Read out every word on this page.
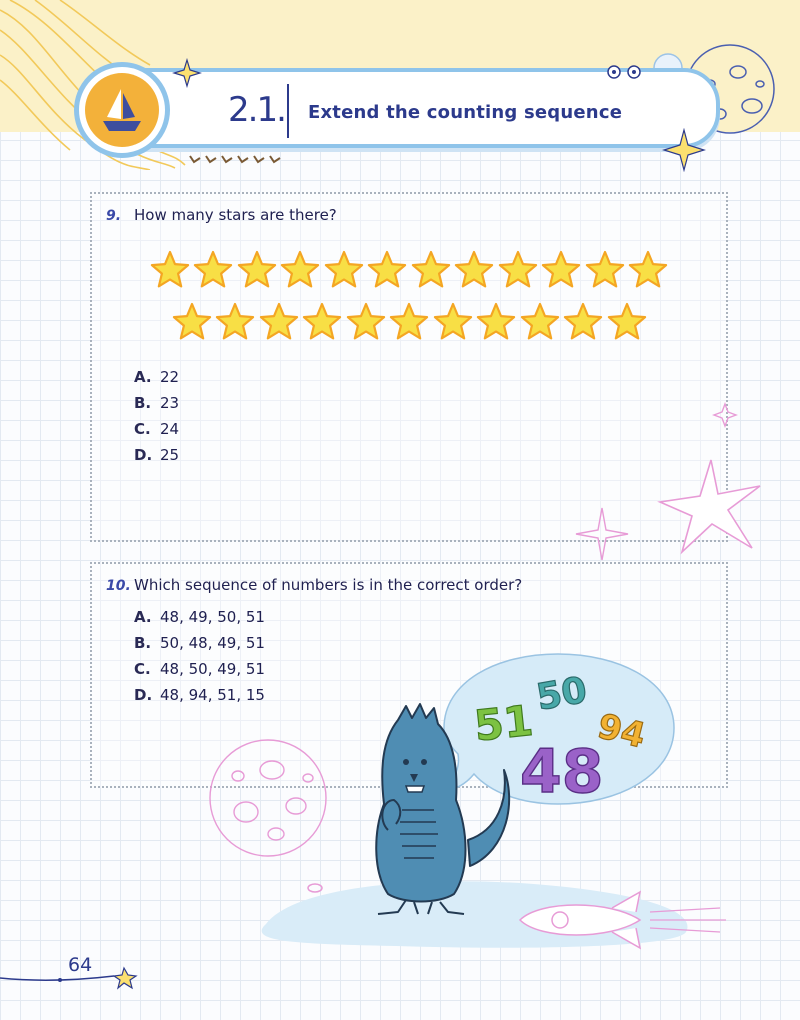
2.1. Extend the counting sequence
9. How many stars are there?
A. 22
B. 23
C. 24
D. 25
10. Which sequence of numbers is in the correct order?
A. 48, 49, 50, 51
B. 50, 48, 49, 51
C. 48, 50, 49, 51
D. 48, 94, 51, 15
51
50
94
48
64
